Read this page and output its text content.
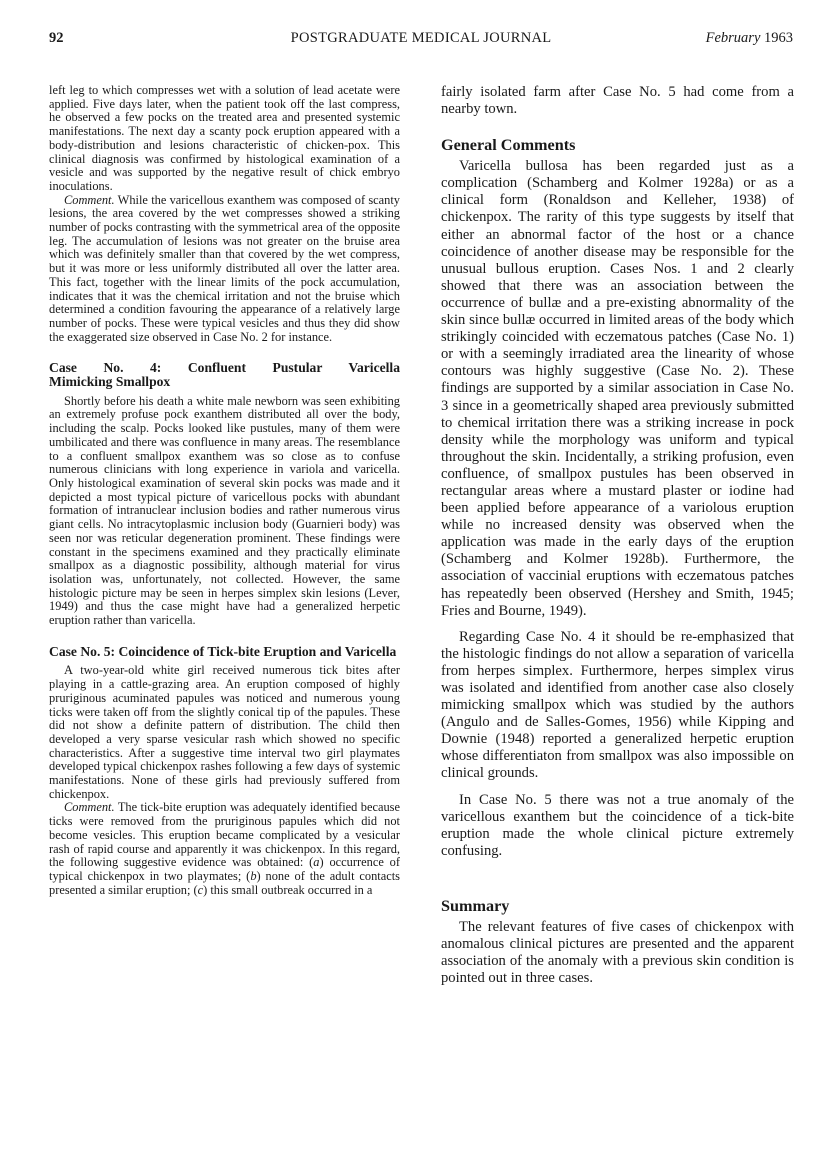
92	POSTGRADUATE MEDICAL JOURNAL	February 1963

left leg to which compresses wet with a solution of lead acetate were applied. Five days later, when the patient took off the last compress, he observed a few pocks on the treated area and presented systemic manifestations. The next day a scanty pock eruption appeared with a body-distribution and lesions characteristic of chicken-pox. This clinical diagnosis was confirmed by histological examination of a vesicle and was supported by the negative result of chick embryo inoculations.

Comment. While the varicellous exanthem was composed of scanty lesions, the area covered by the wet compresses showed a striking number of pocks contrasting with the symmetrical area of the opposite leg. The accumulation of lesions was not greater on the bruise area which was definitely smaller than that covered by the wet compress, but it was more or less uniformly distributed all over the latter area. This fact, together with the linear limits of the pock accumulation, indicates that it was the chemical irritation and not the bruise which determined a condition favouring the appearance of a relatively large number of pocks. These were typical vesicles and thus they did show the exaggerated size observed in Case No. 2 for instance.

Case No. 4: Confluent Pustular Varicella
Mimicking Smallpox

Shortly before his death a white male newborn was seen exhibiting an extremely profuse pock exanthem distributed all over the body, including the scalp. Pocks looked like pustules, many of them were umbilicated and there was confluence in many areas. The resemblance to a confluent smallpox exanthem was so close as to confuse numerous clinicians with long experience in variola and varicella. Only histological examination of several skin pocks was made and it depicted a most typical picture of varicellous pocks with abundant formation of intranuclear inclusion bodies and rather numerous virus giant cells. No intracytoplasmic inclusion body (Guarnieri body) was seen nor was reticular degeneration prominent. These findings were constant in the specimens examined and they practically eliminate smallpox as a diagnostic possibility, although material for virus isolation was, unfortunately, not collected. However, the same histologic picture may be seen in herpes simplex skin lesions (Lever, 1949) and thus the case might have had a generalized herpetic eruption rather than varicella.

Case No. 5: Coincidence of Tick-bite Eruption and Varicella

A two-year-old white girl received numerous tick bites after playing in a cattle-grazing area. An eruption composed of highly pruriginous acuminated papules was noticed and numerous young ticks were taken off from the slightly conical tip of the papules. These did not show a definite pattern of distribution. The child then developed a very sparse vesicular rash which showed no specific characteristics. After a suggestive time interval two girl playmates developed typical chickenpox rashes following a few days of systemic manifestations. None of these girls had previously suffered from chickenpox.

Comment. The tick-bite eruption was adequately identified because ticks were removed from the pruriginous papules which did not become vesicles. This eruption became complicated by a vesicular rash of rapid course and apparently it was chickenpox. In this regard, the following suggestive evidence was obtained: (a) occurrence of typical chickenpox in two playmates; (b) none of the adult contacts presented a similar eruption; (c) this small outbreak occurred in a

fairly isolated farm after Case No. 5 had come from a nearby town.

General Comments

Varicella bullosa has been regarded just as a complication (Schamberg and Kolmer 1928a) or as a clinical form (Ronaldson and Kelleher, 1938) of chickenpox. The rarity of this type suggests by itself that either an abnormal factor of the host or a chance coincidence of another disease may be responsible for the unusual bullous eruption. Cases Nos. 1 and 2 clearly showed that there was an association between the occurrence of bullæ and a pre-existing abnormality of the skin since bullæ occurred in limited areas of the body which strikingly coincided with eczematous patches (Case No. 1) or with a seemingly irradiated area the linearity of whose contours was highly suggestive (Case No. 2). These findings are supported by a similar association in Case No. 3 since in a geometrically shaped area previously submitted to chemical irritation there was a striking increase in pock density while the morphology was uniform and typical throughout the skin. Incidentally, a striking profusion, even confluence, of smallpox pustules has been observed in rectangular areas where a mustard plaster or iodine had been applied before appearance of a variolous eruption while no increased density was observed when the application was made in the early days of the eruption (Schamberg and Kolmer 1928b). Furthermore, the association of vaccinial eruptions with eczematous patches has repeatedly been observed (Hershey and Smith, 1945; Fries and Bourne, 1949).

Regarding Case No. 4 it should be re-emphasized that the histologic findings do not allow a separation of varicella from herpes simplex. Furthermore, herpes simplex virus was isolated and identified from another case also closely mimicking smallpox which was studied by the authors (Angulo and de Salles-Gomes, 1956) while Kipping and Downie (1948) reported a generalized herpetic eruption whose differentiaton from smallpox was also impossible on clinical grounds.

In Case No. 5 there was not a true anomaly of the varicellous exanthem but the coincidence of a tick-bite eruption made the whole clinical picture extremely confusing.

Summary

The relevant features of five cases of chickenpox with anomalous clinical pictures are presented and the apparent association of the anomaly with a previous skin condition is pointed out in three cases.
